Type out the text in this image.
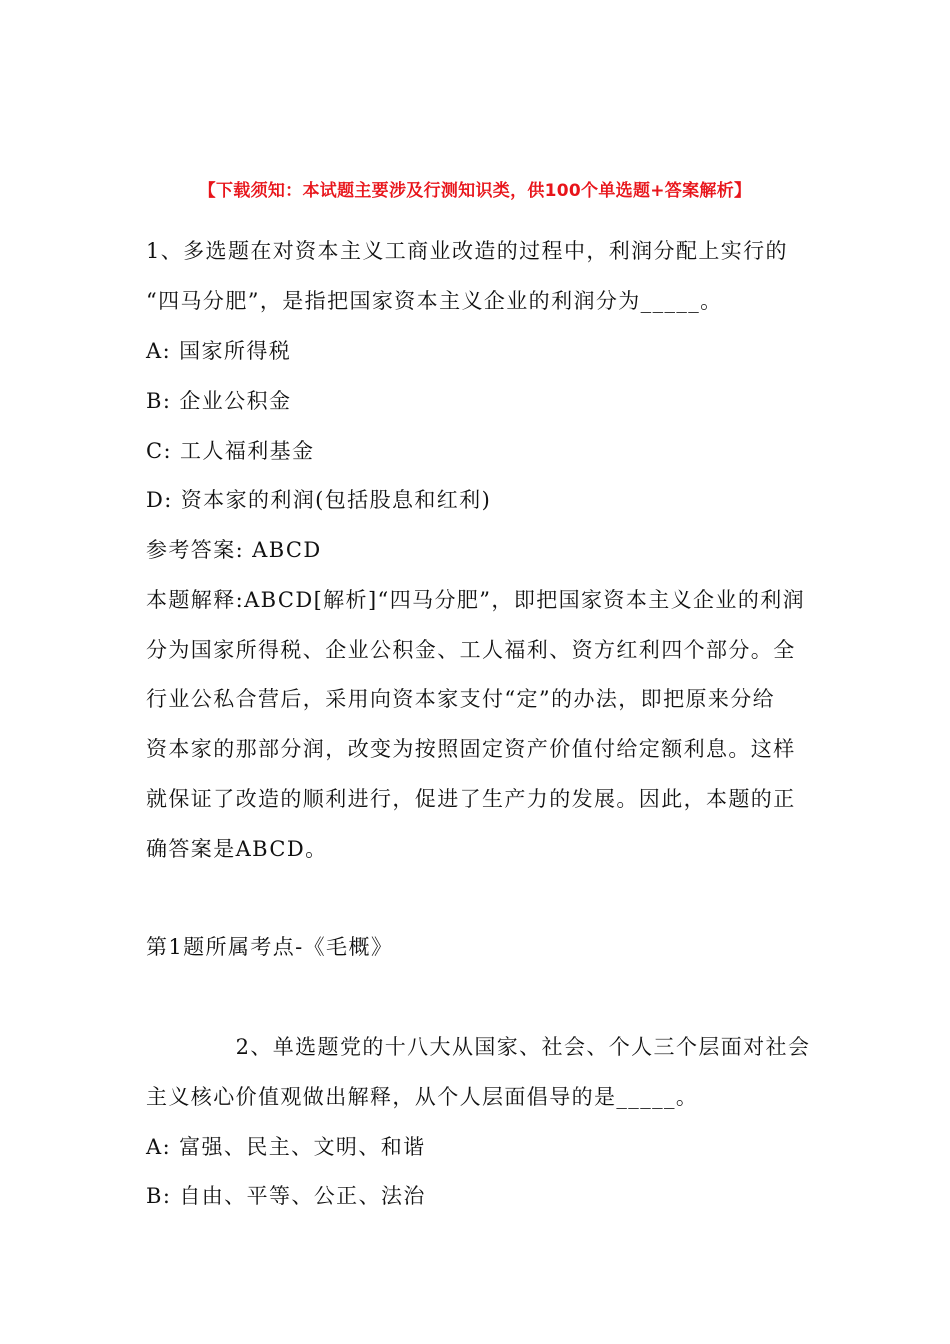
【下载须知：本试题主要涉及行测知识类，供100个单选题+答案解析】
1、多选题在对资本主义工商业改造的过程中，利润分配上实行的
“四马分肥”，是指把国家资本主义企业的利润分为_____。
A: 国家所得税
B: 企业公积金
C: 工人福利基金
D: 资本家的利润(包括股息和红利)
参考答案: ABCD
本题解释:ABCD[解析]“四马分肥”，即把国家资本主义企业的利润
分为国家所得税、企业公积金、工人福利、资方红利四个部分。全
行业公私合营后，采用向资本家支付“定”的办法，即把原来分给
资本家的那部分润，改变为按照固定资产价值付给定额利息。这样
就保证了改造的顺利进行，促进了生产力的发展。因此，本题的正
确答案是ABCD。
第1题所属考点-《毛概》
　　　　2、单选题党的十八大从国家、社会、个人三个层面对社会
主义核心价值观做出解释，从个人层面倡导的是_____。
A: 富强、民主、文明、和谐
B: 自由、平等、公正、法治
